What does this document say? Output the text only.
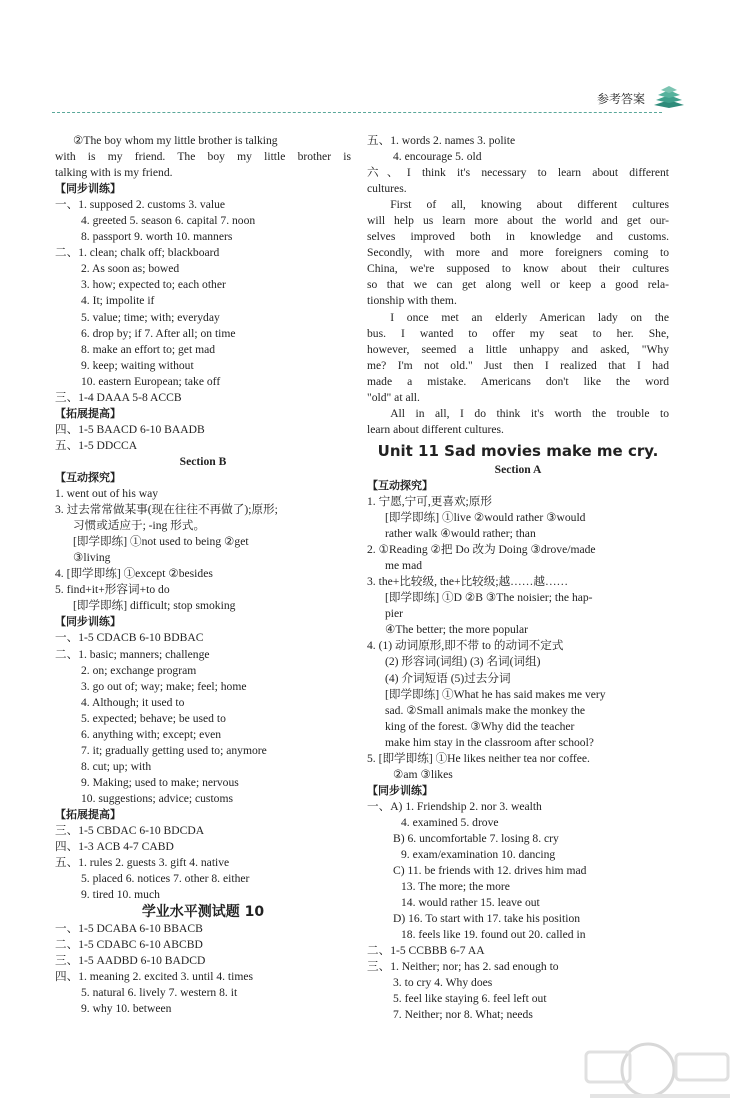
参考答案
②The boy whom my little brother is talking
with is my friend. The boy my little brother is
talking with is my friend.
【同步训练】
一、1. supposed 2. customs 3. value
4. greeted 5. season 6. capital 7. noon
8. passport 9. worth 10. manners
二、1. clean; chalk off; blackboard
2. As soon as; bowed
3. how; expected to; each other
4. It; impolite if
5. value; time; with; everyday
6. drop by; if 7. After all; on time
8. make an effort to; get mad
9. keep; waiting without
10. eastern European; take off
三、1-4 DAAA 5-8 ACCB
【拓展提高】
四、1-5 BAACD 6-10 BAADB
五、1-5 DDCCA
Section B
【互动探究】
1. went out of his way
3. 过去常常做某事(现在往往不再做了);原形;
习惯或适应于; -ing 形式。
[即学即练] ①not used to being ②get
③living
4. [即学即练] ①except ②besides
5. find+it+形容词+to do
[即学即练] difficult; stop smoking
【同步训练】
一、1-5 CDACB 6-10 BDBAC
二、1. basic; manners; challenge
2. on; exchange program
3. go out of; way; make; feel; home
4. Although; it used to
5. expected; behave; be used to
6. anything with; except; even
7. it; gradually getting used to; anymore
8. cut; up; with
9. Making; used to make; nervous
10. suggestions; advice; customs
【拓展提高】
三、1-5 CBDAC 6-10 BDCDA
四、1-3 ACB 4-7 CABD
五、1. rules 2. guests 3. gift 4. native
5. placed 6. notices 7. other 8. either
9. tired 10. much
学业水平测试题 10
一、1-5 DCABA 6-10 BBACB
二、1-5 CDABC 6-10 ABCBD
三、1-5 AADBD 6-10 BADCD
四、1. meaning 2. excited 3. until 4. times
5. natural 6. lively 7. western 8. it
9. why 10. between
五、1. words 2. names 3. polite
4. encourage 5. old
六、I think it's necessary to learn about different
cultures.
First of all, knowing about different cultures
will help us learn more about the world and get our-
selves improved both in knowledge and customs.
Secondly, with more and more foreigners coming to
China, we're supposed to know about their cultures
so that we can get along well or keep a good rela-
tionship with them.
I once met an elderly American lady on the
bus. I wanted to offer my seat to her. She,
however, seemed a little unhappy and asked, "Why
me? I'm not old." Just then I realized that I had
made a mistake. Americans don't like the word
"old" at all.
All in all, I do think it's worth the trouble to
learn about different cultures.
Unit 11 Sad movies make me cry.
Section A
【互动探究】
1. 宁愿,宁可,更喜欢;原形
[即学即练] ①live ②would rather ③would
rather walk ④would rather; than
2. ①Reading ②把 Do 改为 Doing ③drove/made
me mad
3. the+比较级, the+比较级;越……越……
[即学即练] ①D ②B ③The noisier; the hap-
pier
④The better; the more popular
4. (1) 动词原形,即不带 to 的动词不定式
(2) 形容词(词组) (3) 名词(词组)
(4) 介词短语 (5)过去分词
[即学即练] ①What he has said makes me very
sad. ②Small animals make the monkey the
king of the forest. ③Why did the teacher
make him stay in the classroom after school?
5. [即学即练] ①He likes neither tea nor coffee.
②am ③likes
【同步训练】
一、A) 1. Friendship 2. nor 3. wealth
4. examined 5. drove
B) 6. uncomfortable 7. losing 8. cry
9. exam/examination 10. dancing
C) 11. be friends with 12. drives him mad
13. The more; the more
14. would rather 15. leave out
D) 16. To start with 17. take his position
18. feels like 19. found out 20. called in
二、1-5 CCBBB 6-7 AA
三、1. Neither; nor; has 2. sad enough to
3. to cry 4. Why does
5. feel like staying 6. feel left out
7. Neither; nor 8. What; needs
223
